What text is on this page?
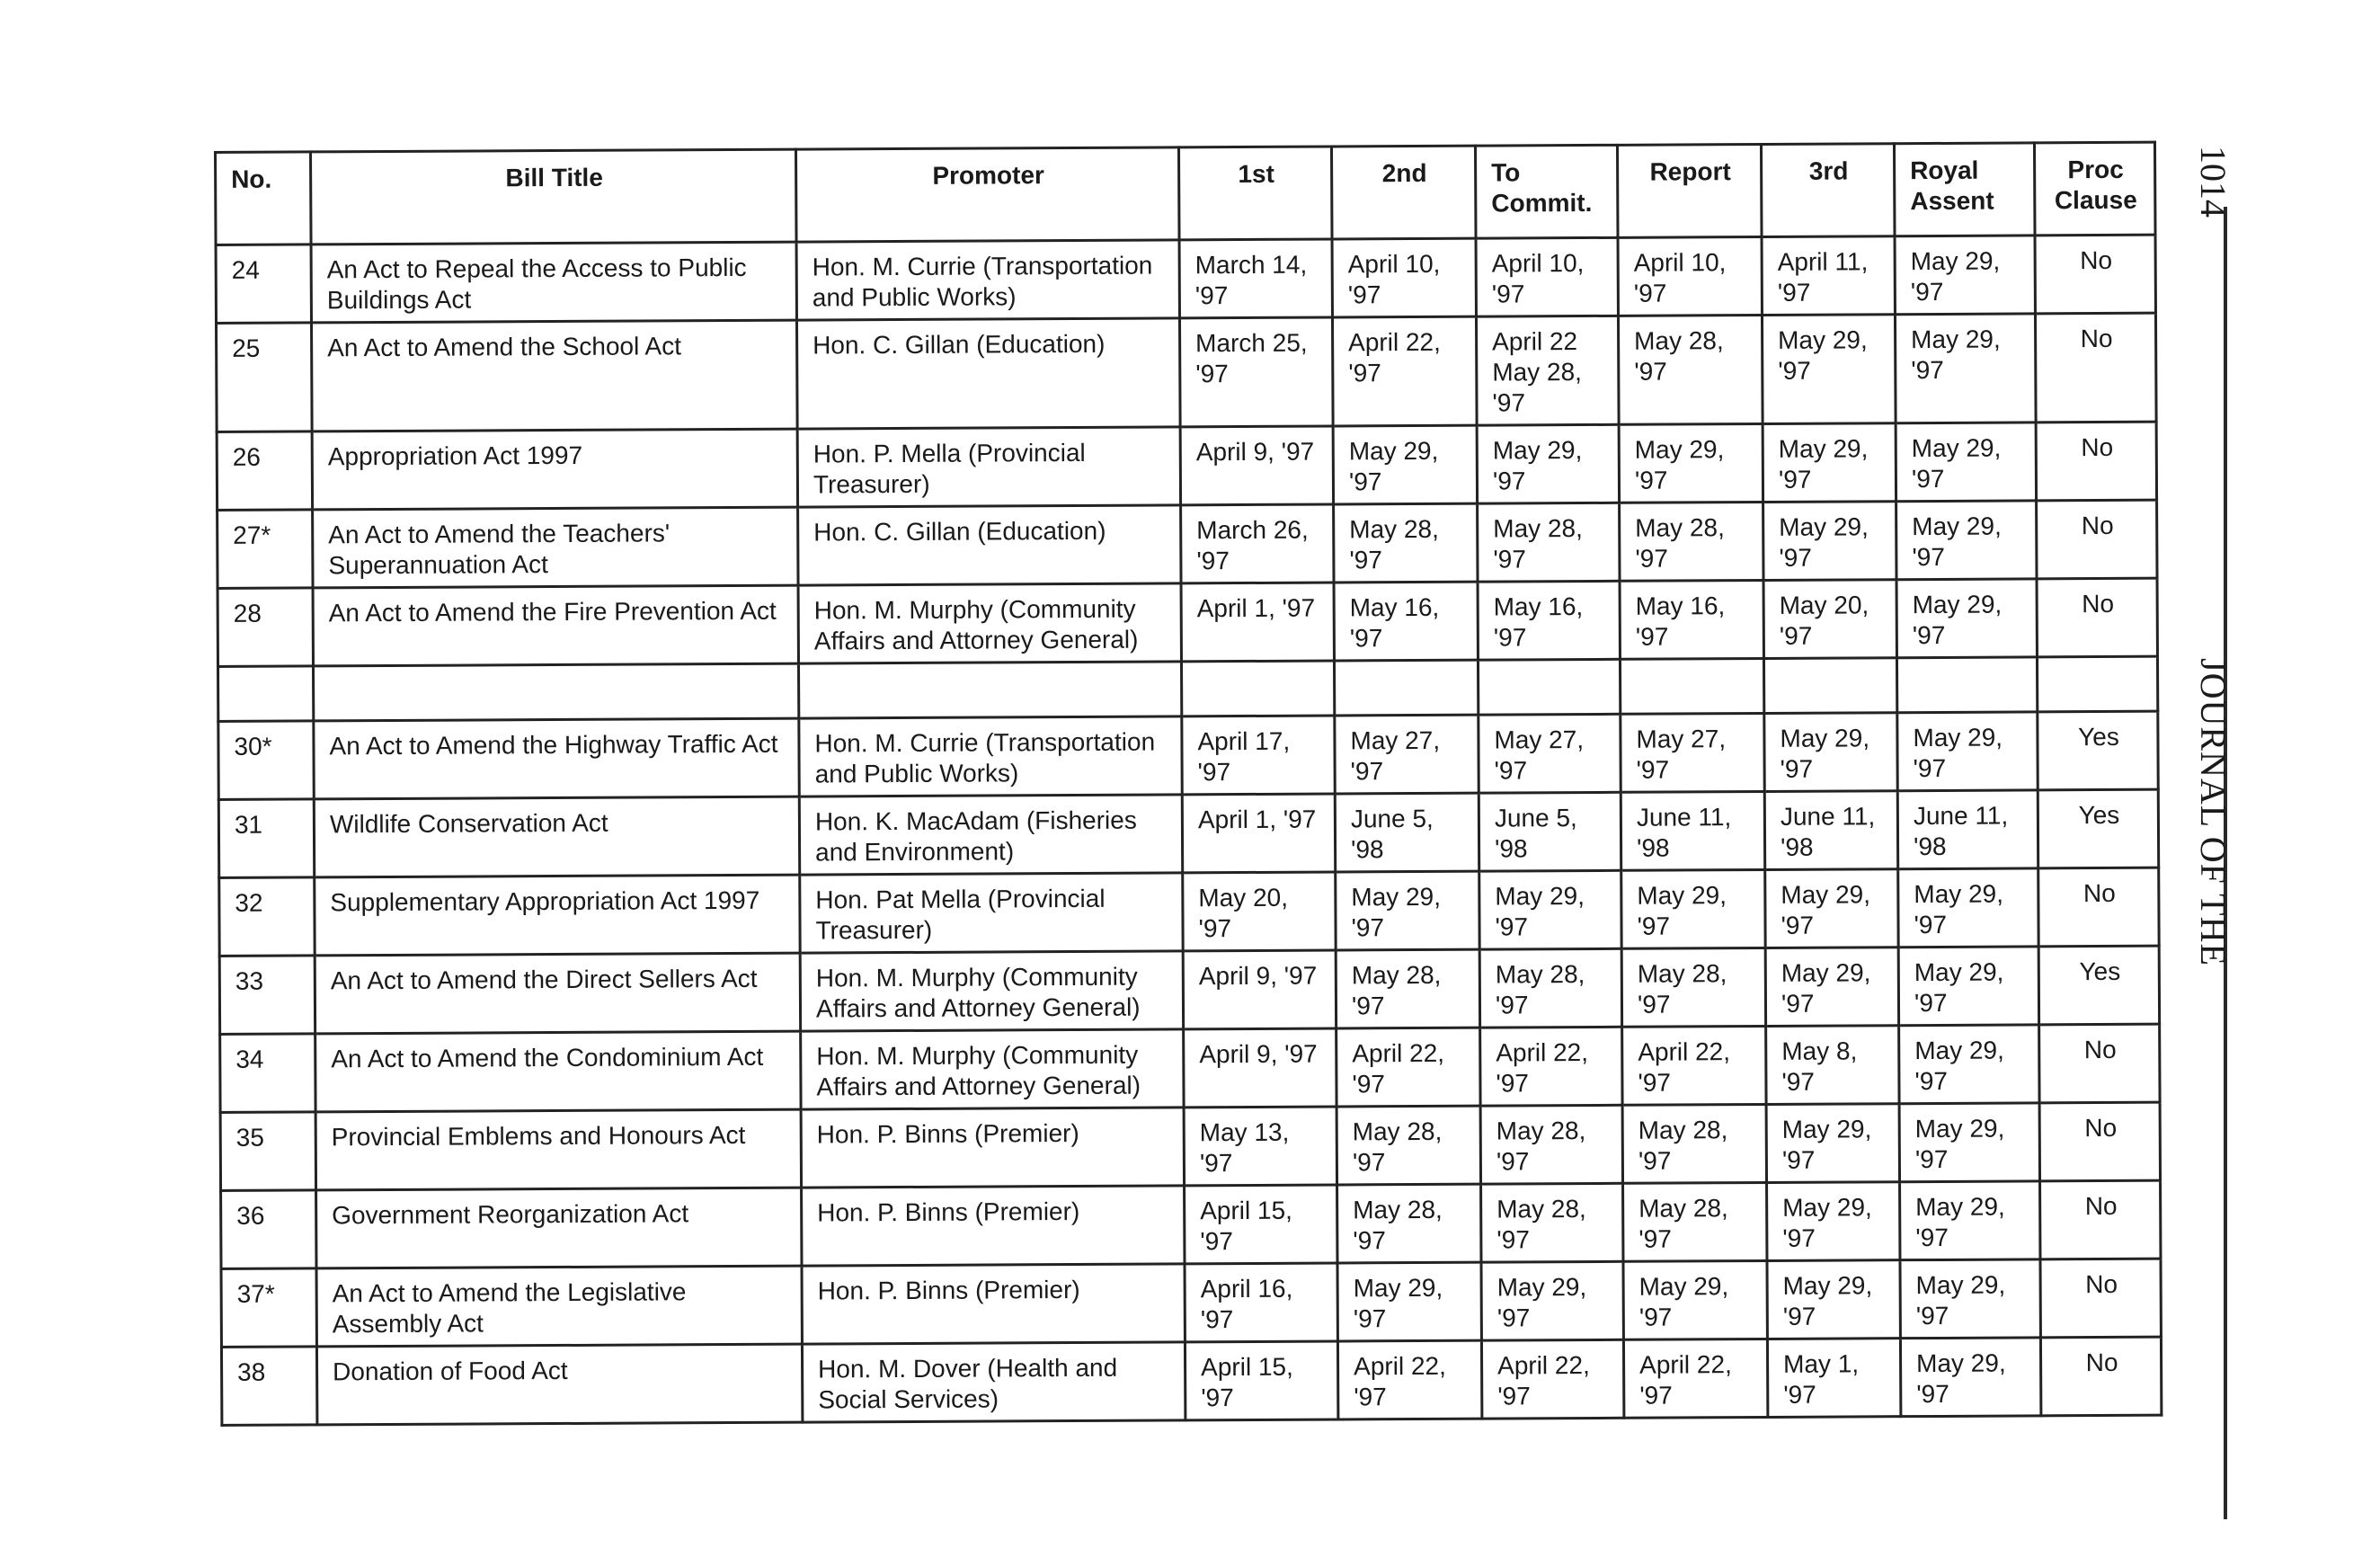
No.	Bill Title	Promoter	1st	2nd	To Commit.	Report	3rd	Royal Assent	Proc Clause
24	An Act to Repeal the Access to Public Buildings Act	Hon. M. Currie (Transportation and Public Works)	March 14, '97	April 10, '97	April 10, '97	April 10, '97	April 11, '97	May 29, '97	No
25	An Act to Amend the School Act	Hon. C. Gillan (Education)	March 25, '97	April 22, '97	April 22 May 28, '97	May 28, '97	May 29, '97	May 29, '97	No
26	Appropriation Act 1997	Hon. P. Mella (Provincial Treasurer)	April 9, '97	May 29, '97	May 29, '97	May 29, '97	May 29, '97	May 29, '97	No
27*	An Act to Amend the Teachers' Superannuation Act	Hon. C. Gillan (Education)	March 26, '97	May 28, '97	May 28, '97	May 28, '97	May 29, '97	May 29, '97	No
28	An Act to Amend the Fire Prevention Act	Hon. M. Murphy (Community Affairs and Attorney General)	April 1, '97	May 16, '97	May 16, '97	May 16, '97	May 20, '97	May 29, '97	No

30*	An Act to Amend the Highway Traffic Act	Hon. M. Currie (Transportation and Public Works)	April 17, '97	May 27, '97	May 27, '97	May 27, '97	May 29, '97	May 29, '97	Yes
31	Wildlife Conservation Act	Hon. K. MacAdam (Fisheries and Environment)	April 1, '97	June 5, '98	June 5, '98	June 11, '98	June 11, '98	June 11, '98	Yes
32	Supplementary Appropriation Act 1997	Hon. Pat Mella (Provincial Treasurer)	May 20, '97	May 29, '97	May 29, '97	May 29, '97	May 29, '97	May 29, '97	No
33	An Act to Amend the Direct Sellers Act	Hon. M. Murphy (Community Affairs and Attorney General)	April 9, '97	May 28, '97	May 28, '97	May 28, '97	May 29, '97	May 29, '97	Yes
34	An Act to Amend the Condominium Act	Hon. M. Murphy (Community Affairs and Attorney General)	April 9, '97	April 22, '97	April 22, '97	April 22, '97	May 8, '97	May 29, '97	No
35	Provincial Emblems and Honours Act	Hon. P. Binns (Premier)	May 13, '97	May 28, '97	May 28, '97	May 28, '97	May 29, '97	May 29, '97	No
36	Government Reorganization Act	Hon. P. Binns (Premier)	April 15, '97	May 28, '97	May 28, '97	May 28, '97	May 29, '97	May 29, '97	No
37*	An Act to Amend the Legislative Assembly Act	Hon. P. Binns (Premier)	April 16, '97	May 29, '97	May 29, '97	May 29, '97	May 29, '97	May 29, '97	No
38	Donation of Food Act	Hon. M. Dover (Health and Social Services)	April 15, '97	April 22, '97	April 22, '97	April 22, '97	May 1, '97	May 29, '97	No
1014
JOURNAL OF THE
